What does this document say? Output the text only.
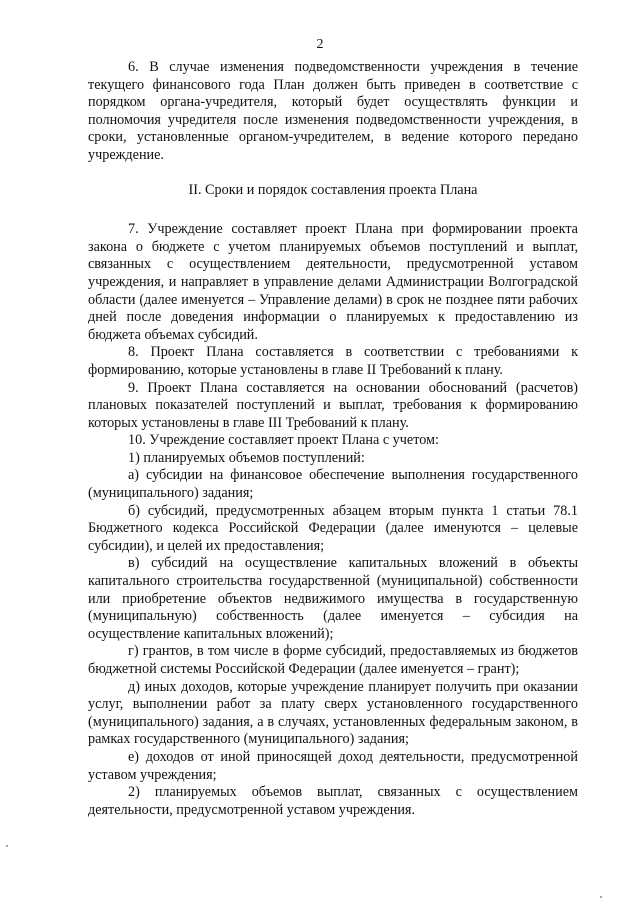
2

6. В случае изменения подведомственности учреждения в течение текущего финансового года План должен быть приведен в соответствие с порядком органа-учредителя, который будет осуществлять функции и полномочия учредителя после изменения подведомственности учреждения, в сроки, установленные органом-учредителем, в ведение которого передано учреждение.

II. Сроки и порядок составления проекта Плана

7. Учреждение составляет проект Плана при формировании проекта закона о бюджете с учетом планируемых объемов поступлений и выплат, связанных с осуществлением деятельности, предусмотренной уставом учреждения, и направляет в управление делами Администрации Волгоградской области (далее именуется – Управление делами) в срок не позднее пяти рабочих дней после доведения информации о планируемых к предоставлению из бюджета объемах субсидий.

8. Проект Плана составляется в соответствии с требованиями к формированию, которые установлены в главе II Требований к плану.

9. Проект Плана составляется на основании обоснований (расчетов) плановых показателей поступлений и выплат, требования к формированию которых установлены в главе III Требований к плану.

10. Учреждение составляет проект Плана с учетом:

1) планируемых объемов поступлений:

а) субсидии на финансовое обеспечение выполнения государственного (муниципального) задания;

б) субсидий, предусмотренных абзацем вторым пункта 1 статьи 78.1 Бюджетного кодекса Российской Федерации (далее именуются – целевые субсидии), и целей их предоставления;

в) субсидий на осуществление капитальных вложений в объекты капитального строительства государственной (муниципальной) собственности или приобретение объектов недвижимого имущества в государственную (муниципальную) собственность (далее именуется – субсидия на осуществление капитальных вложений);

г) грантов, в том числе в форме субсидий, предоставляемых из бюджетов бюджетной системы Российской Федерации (далее именуется – грант);

д) иных доходов, которые учреждение планирует получить при оказании услуг, выполнении работ за плату сверх установленного государственного (муниципального) задания, а в случаях, установленных федеральным законом, в рамках государственного (муниципального) задания;

е) доходов от иной приносящей доход деятельности, предусмотренной уставом учреждения;

2) планируемых объемов выплат, связанных с осуществлением деятельности, предусмотренной уставом учреждения.
